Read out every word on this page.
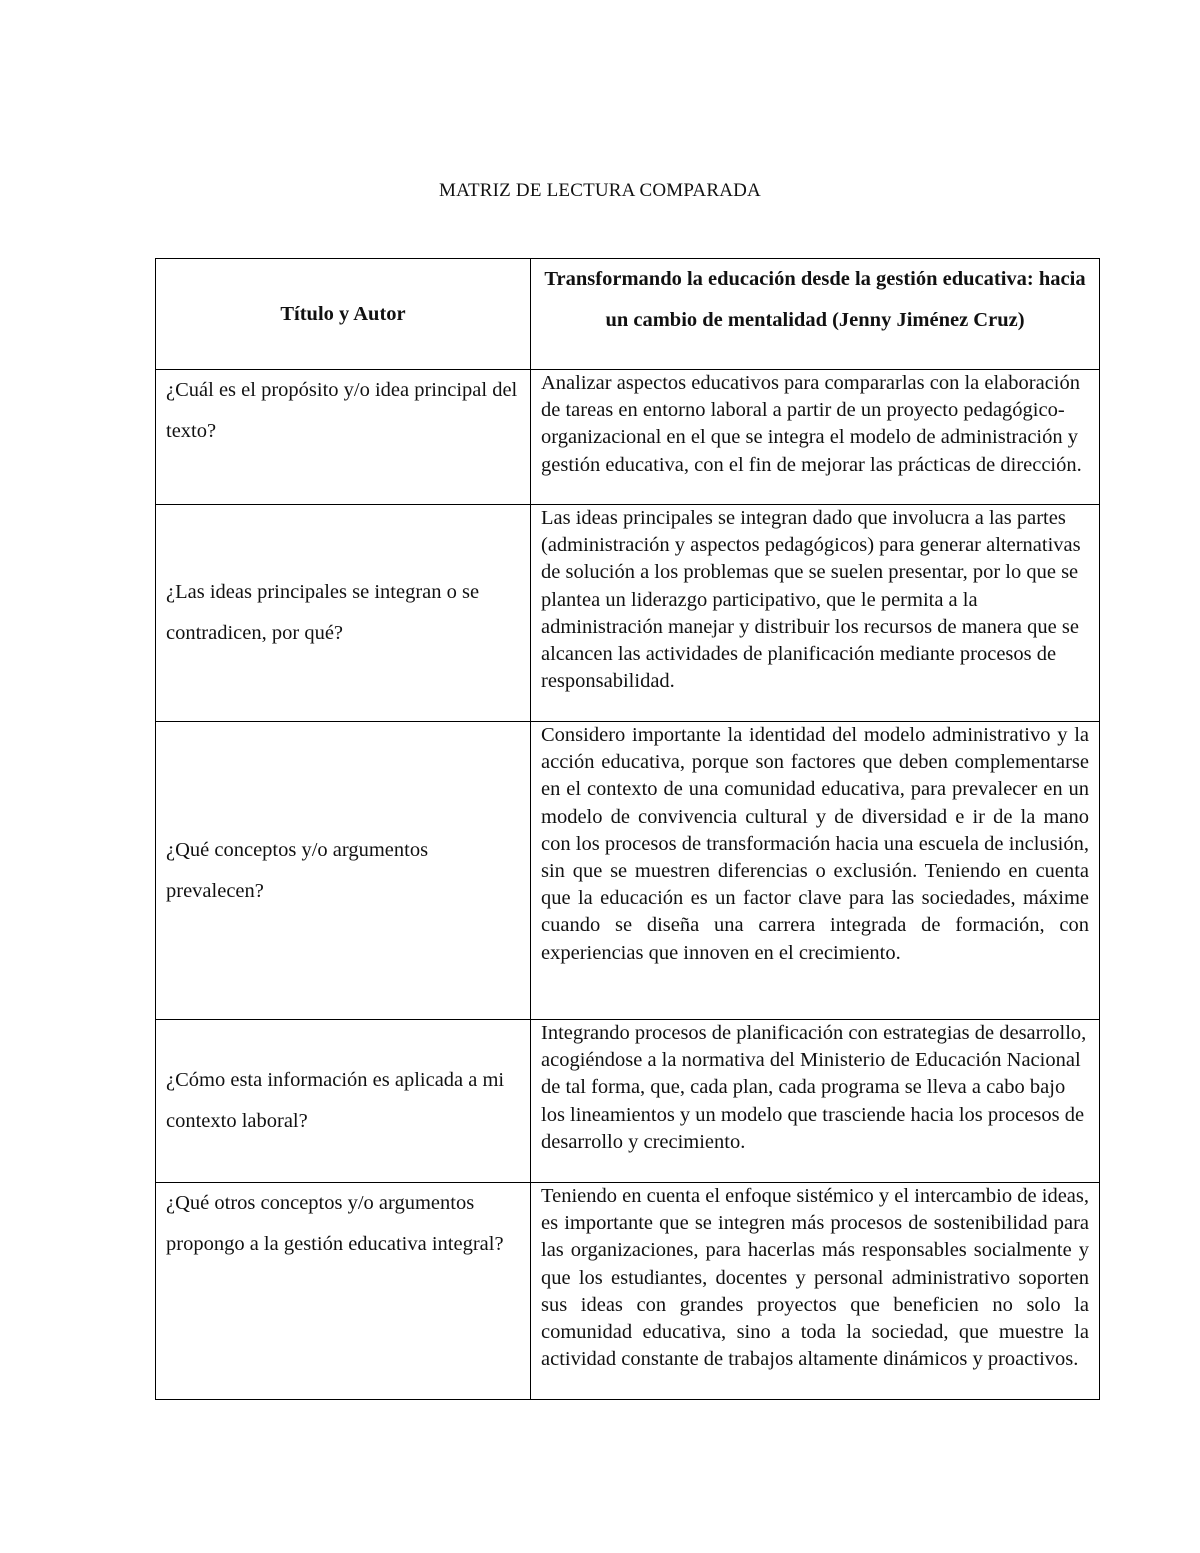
MATRIZ DE LECTURA COMPARADA
Título y Autor	Transformando la educación desde la gestión educativa: hacia un cambio de mentalidad (Jenny Jiménez Cruz)
¿Cuál es el propósito y/o idea principal del texto?	Analizar aspectos educativos para compararlas con la elaboración de tareas en entorno laboral a partir de un proyecto pedagógico-organizacional en el que se integra el modelo de administración y gestión educativa, con el fin de mejorar las prácticas de dirección.
¿Las ideas principales se integran o se contradicen, por qué?	Las ideas principales se integran dado que involucra a las partes (administración y aspectos pedagógicos) para generar alternativas de solución a los problemas que se suelen presentar, por lo que se plantea un liderazgo participativo, que le permita a la administración manejar y distribuir los recursos de manera que se alcancen las actividades de planificación mediante procesos de responsabilidad.
¿Qué conceptos y/o argumentos prevalecen?	Considero importante la identidad del modelo administrativo y la acción educativa, porque son factores que deben complementarse en el contexto de una comunidad educativa, para prevalecer en un modelo de convivencia cultural y de diversidad e ir de la mano con los procesos de transformación hacia una escuela de inclusión, sin que se muestren diferencias o exclusión. Teniendo en cuenta que la educación es un factor clave para las sociedades, máxime cuando se diseña una carrera integrada de formación, con experiencias que innoven en el crecimiento.
¿Cómo esta información es aplicada a mi contexto laboral?	Integrando procesos de planificación con estrategias de desarrollo, acogiéndose a la normativa del Ministerio de Educación Nacional de tal forma, que, cada plan, cada programa se lleva a cabo bajo los lineamientos y un modelo que trasciende hacia los procesos de desarrollo y crecimiento.
¿Qué otros conceptos y/o argumentos propongo a la gestión educativa integral?	Teniendo en cuenta el enfoque sistémico y el intercambio de ideas, es importante que se integren más procesos de sostenibilidad para las organizaciones, para hacerlas más responsables socialmente y que los estudiantes, docentes y personal administrativo soporten sus ideas con grandes proyectos que beneficien no solo la comunidad educativa, sino a toda la sociedad, que muestre la actividad constante de trabajos altamente dinámicos y proactivos.
